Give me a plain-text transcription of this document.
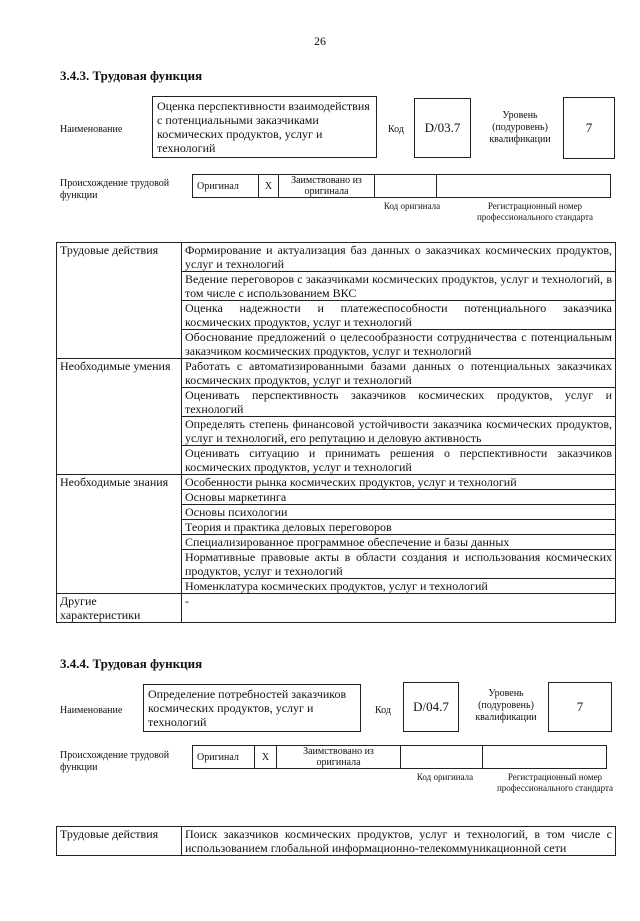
26
3.4.3. Трудовая функция
Наименование
Оценка перспективности взаимодействия с потенциальными заказчиками космических продуктов, услуг и технологий
Код	D/03.7
Уровень (подуровень) квалификации
7
Происхождение трудовой функции
Оригинал	X	Заимствовано из оригинала		
Код оригинала	Регистрационный номер профессионального стандарта
Трудовые действия	Формирование и актуализация баз данных о заказчиках космических продуктов, услуг и технологий
	Ведение переговоров с заказчиками космических продуктов, услуг и технологий, в том числе с использованием ВКС
	Оценка надежности и платежеспособности потенциального заказчика космических продуктов, услуг и технологий
	Обоснование предложений о целесообразности сотрудничества с потенциальным заказчиком космических продуктов, услуг и технологий
Необходимые умения	Работать с автоматизированными базами данных о потенциальных заказчиках космических продуктов, услуг и технологий
	Оценивать перспективность заказчиков космических продуктов, услуг и технологий
	Определять степень финансовой устойчивости заказчика космических продуктов, услуг и технологий, его репутацию и деловую активность
	Оценивать ситуацию и принимать решения о перспективности заказчиков космических продуктов, услуг и технологий
Необходимые знания	Особенности рынка космических продуктов, услуг и технологий
	Основы маркетинга
	Основы психологии
	Теория и практика деловых переговоров
	Специализированное программное обеспечение и базы данных
	Нормативные правовые акты в области создания и использования космических продуктов, услуг и технологий
	Номенклатура космических продуктов, услуг и технологий
Другие характеристики	-
3.4.4. Трудовая функция
Наименование
Определение потребностей заказчиков космических продуктов, услуг и технологий
Код	D/04.7
Уровень (подуровень) квалификации
7
Происхождение трудовой функции
Оригинал	X	Заимствовано из оригинала		
Код оригинала	Регистрационный номер профессионального стандарта
Трудовые действия	Поиск заказчиков космических продуктов, услуг и технологий, в том числе с использованием глобальной информационно-телекоммуникационной сети
